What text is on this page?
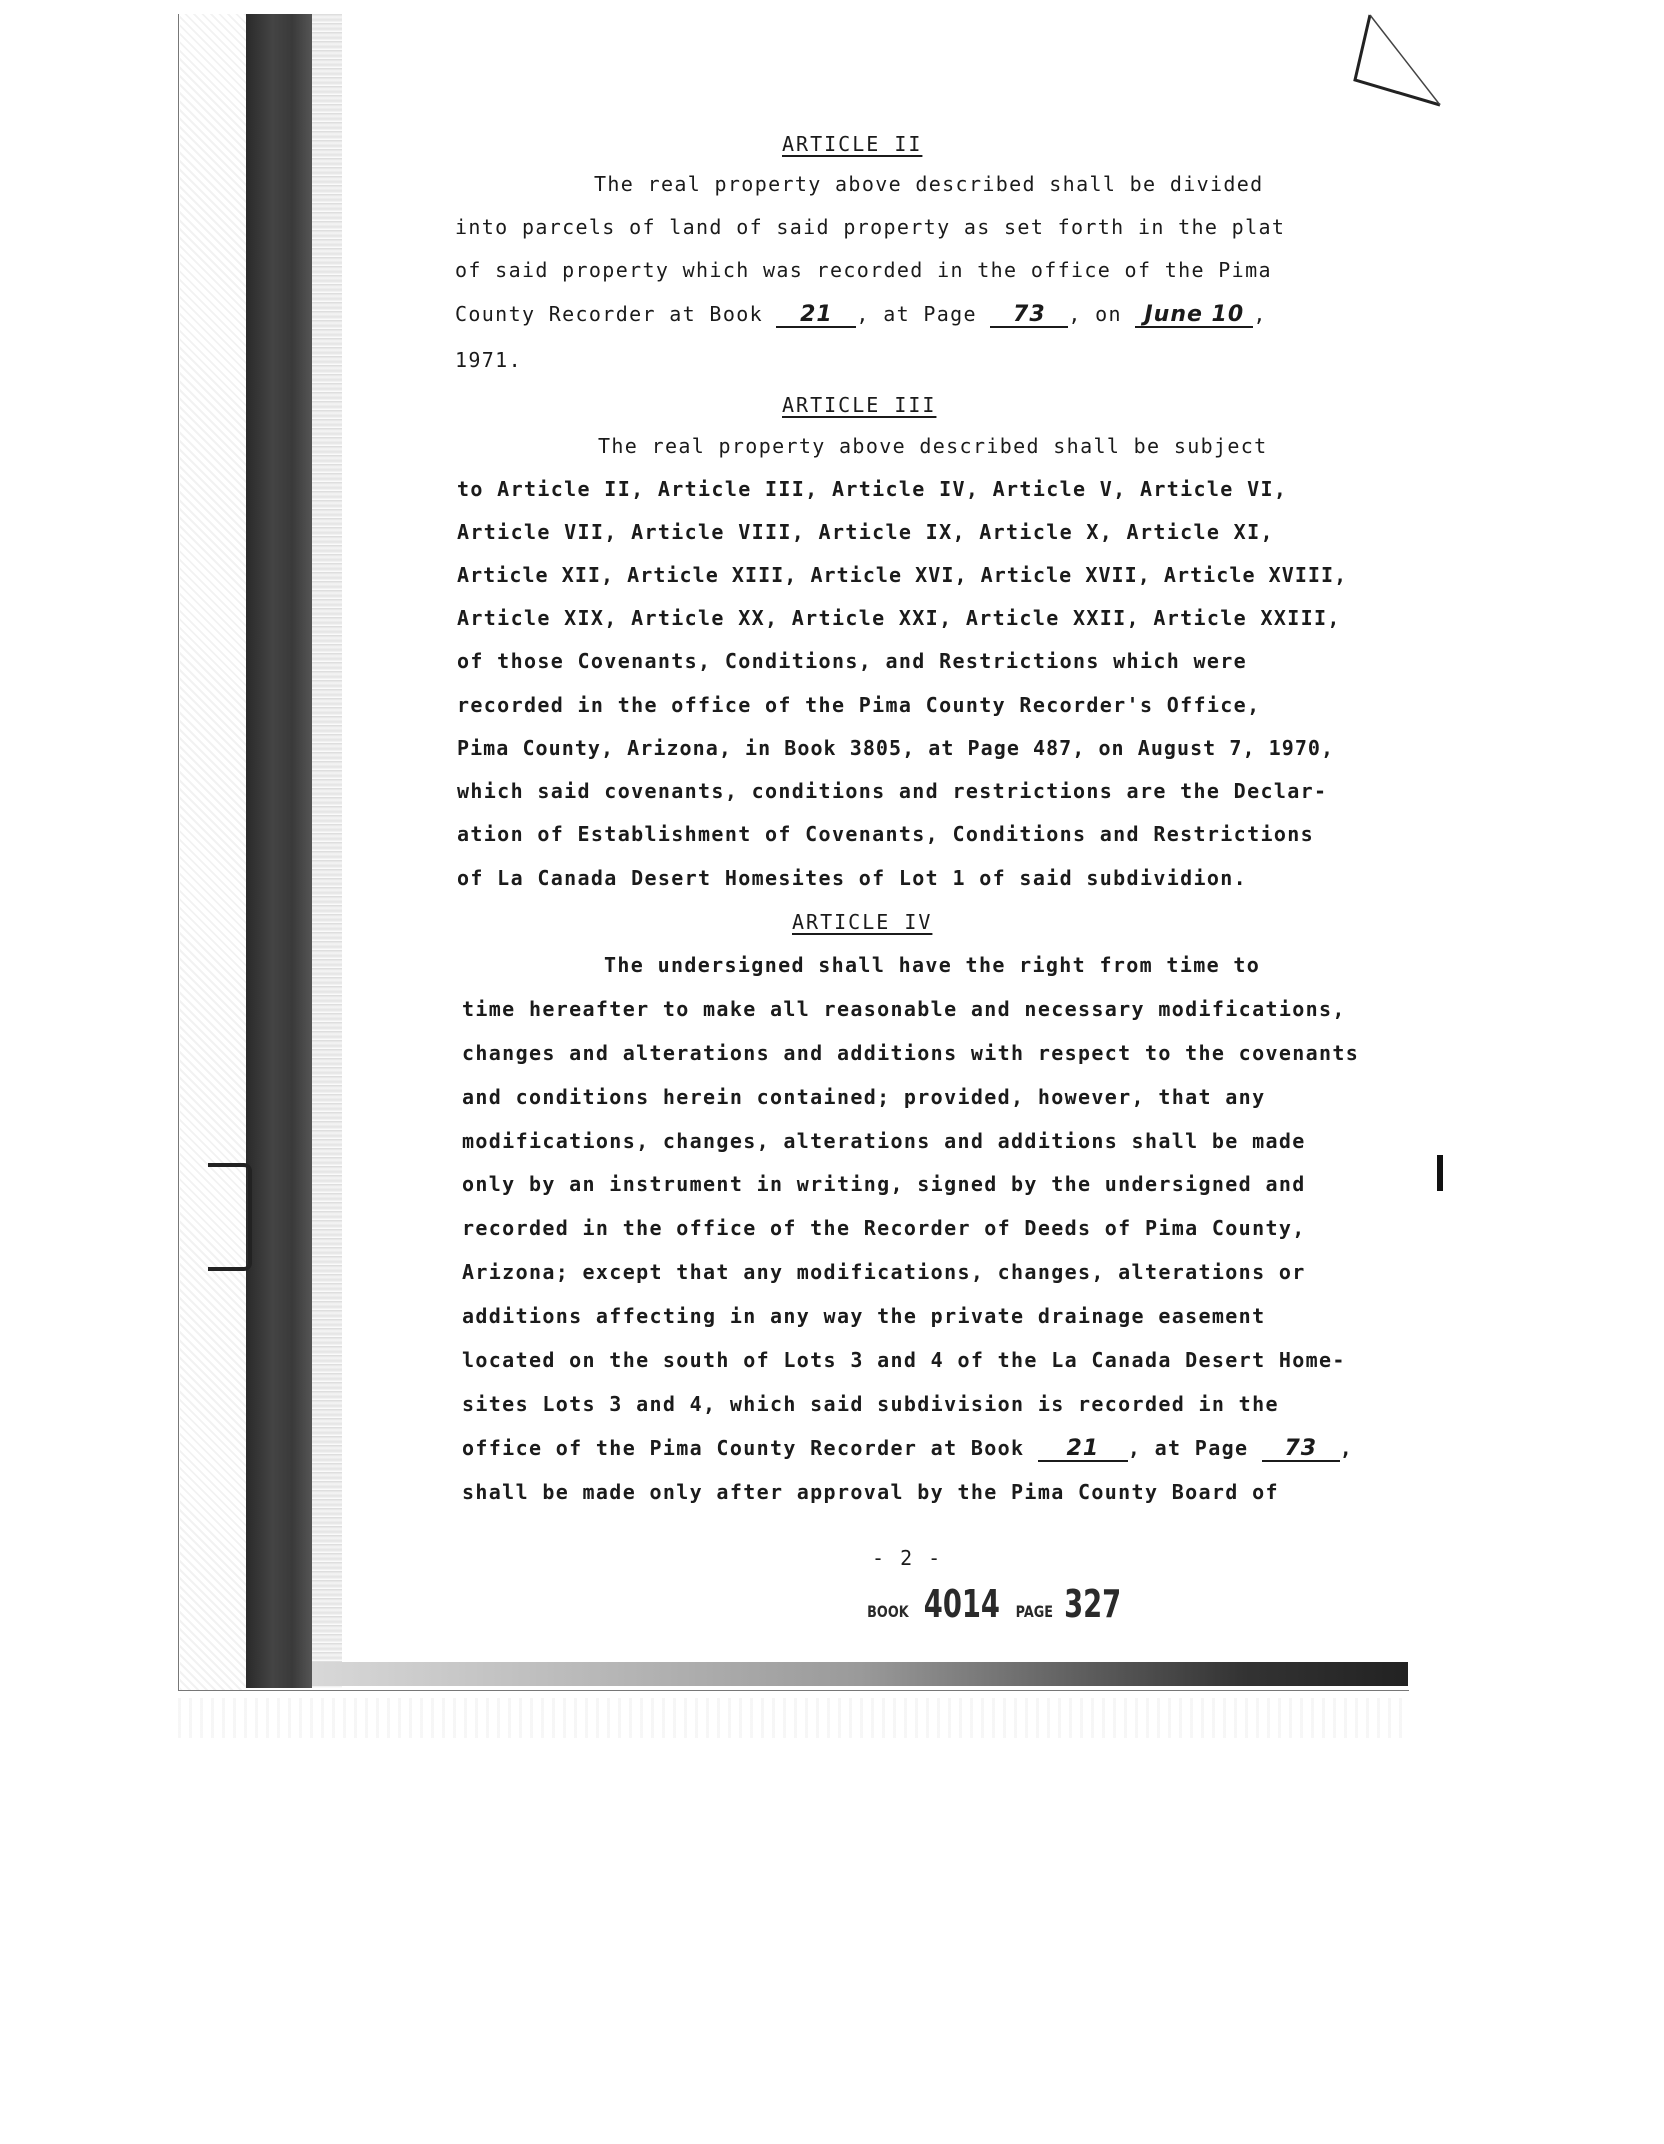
ARTICLE II
The real property above described shall be divided
into parcels of land of said property as set forth in the plat
of said property which was recorded in the office of the Pima
County Recorder at Book 21 , at Page 73 , on June 10 ,
1971.
ARTICLE III
The real property above described shall be subject
to Article II, Article III, Article IV, Article V, Article VI,
Article VII, Article VIII, Article IX, Article X, Article XI,
Article XII, Article XIII, Article XVI, Article XVII, Article XVIII,
Article XIX, Article XX, Article XXI, Article XXII, Article XXIII,
of those Covenants, Conditions, and Restrictions which were
recorded in the office of the Pima County Recorder's Office,
Pima County, Arizona, in Book 3805, at Page 487, on August 7, 1970,
which said covenants, conditions and restrictions are the Declar-
ation of Establishment of Covenants, Conditions and Restrictions
of La Canada Desert Homesites of Lot 1 of said subdividion.
ARTICLE IV
The undersigned shall have the right from time to
time hereafter to make all reasonable and necessary modifications,
changes and alterations and additions with respect to the covenants
and conditions herein contained; provided, however, that any
modifications, changes, alterations and additions shall be made
only by an instrument in writing, signed by the undersigned and
recorded in the office of the Recorder of Deeds of Pima County,
Arizona; except that any modifications, changes, alterations or
additions affecting in any way the private drainage easement
located on the south of Lots 3 and 4 of the La Canada Desert Home-
sites Lots 3 and 4, which said subdivision is recorded in the
office of the Pima County Recorder at Book 21 , at Page 73 ,
shall be made only after approval by the Pima County Board of
- 2 -
BOOK 4014 PAGE 327
